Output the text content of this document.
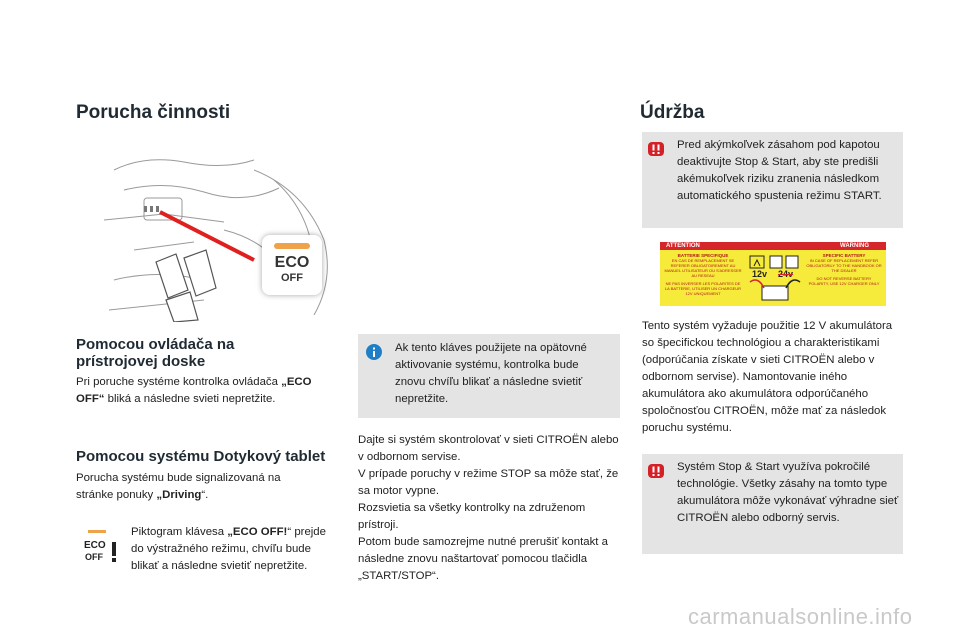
Porucha činnosti
ECO
OFF
Pomocou ovládača na prístrojovej doske
Pri poruche systéme kontrolka ovládača „ECO OFF“ bliká a následne svieti nepretžite.
Pomocou systému Dotykový tablet
Porucha systému bude signalizovaná na stránke ponuky „Driving“.
ECO
OFF
Piktogram klávesa „ECO OFF!“ prejde do výstražného režimu, chvíľu bude blikať a následne svietiť nepretžite.
Ak tento kláves použijete na opätovné aktivovanie systému, kontrolka bude znovu chvíľu blikať a následne svietiť nepretžite.
Dajte si systém skontrolovať v sieti CITROËN alebo v odbornom servise.
V prípade poruchy v režime STOP sa môže stať, že sa motor vypne.
Rozsvietia sa všetky kontrolky na združenom prístroji.
Potom bude samozrejme nutné prerušiť kontakt a následne znovu naštartovať pomocou tlačidla „START/STOP“.
Údržba
Pred akýmkoľvek zásahom pod kapotou deaktivujte Stop & Start, aby ste predišli akémukoľvek riziku zranenia následkom automatického spustenia režimu START.
ATTENTION	WARNING
BATTERIE SPECIFIQUE
EN CAS DE REMPLACEMENT SE REFERER OBLIGATOIREMENT AU MANUEL UTILISATEUR OU S'ADRESSER AU RESEAU
NE PAS INVERSER LES POLARITES DE LA BATTERIE, UTILISER UN CHARGEUR 12V UNIQUEMENT
SPECIFIC BATTERY
IN CASE OF REPLACEMENT REFER OBLIGATORILY TO THE HANDBOOK OR THE DEALER
DO NOT REVERSE BATTERY POLARITY, USE 12V CHARGER ONLY
12v 24v
Tento systém vyžaduje použitie 12 V akumulátora so špecifickou technológiou a charakteristikami (odporúčania získate v sieti CITROËN alebo v odbornom servise). Namontovanie iného akumulátora ako akumulátora odporúčaného spoločnosťou CITROËN, môže mať za následok poruchu systému.
Systém Stop & Start využíva pokročilé technológie. Všetky zásahy na tomto type akumulátora môže vykonávať výhradne sieť CITROËN alebo odborný servis.
carmanualsonline.info
